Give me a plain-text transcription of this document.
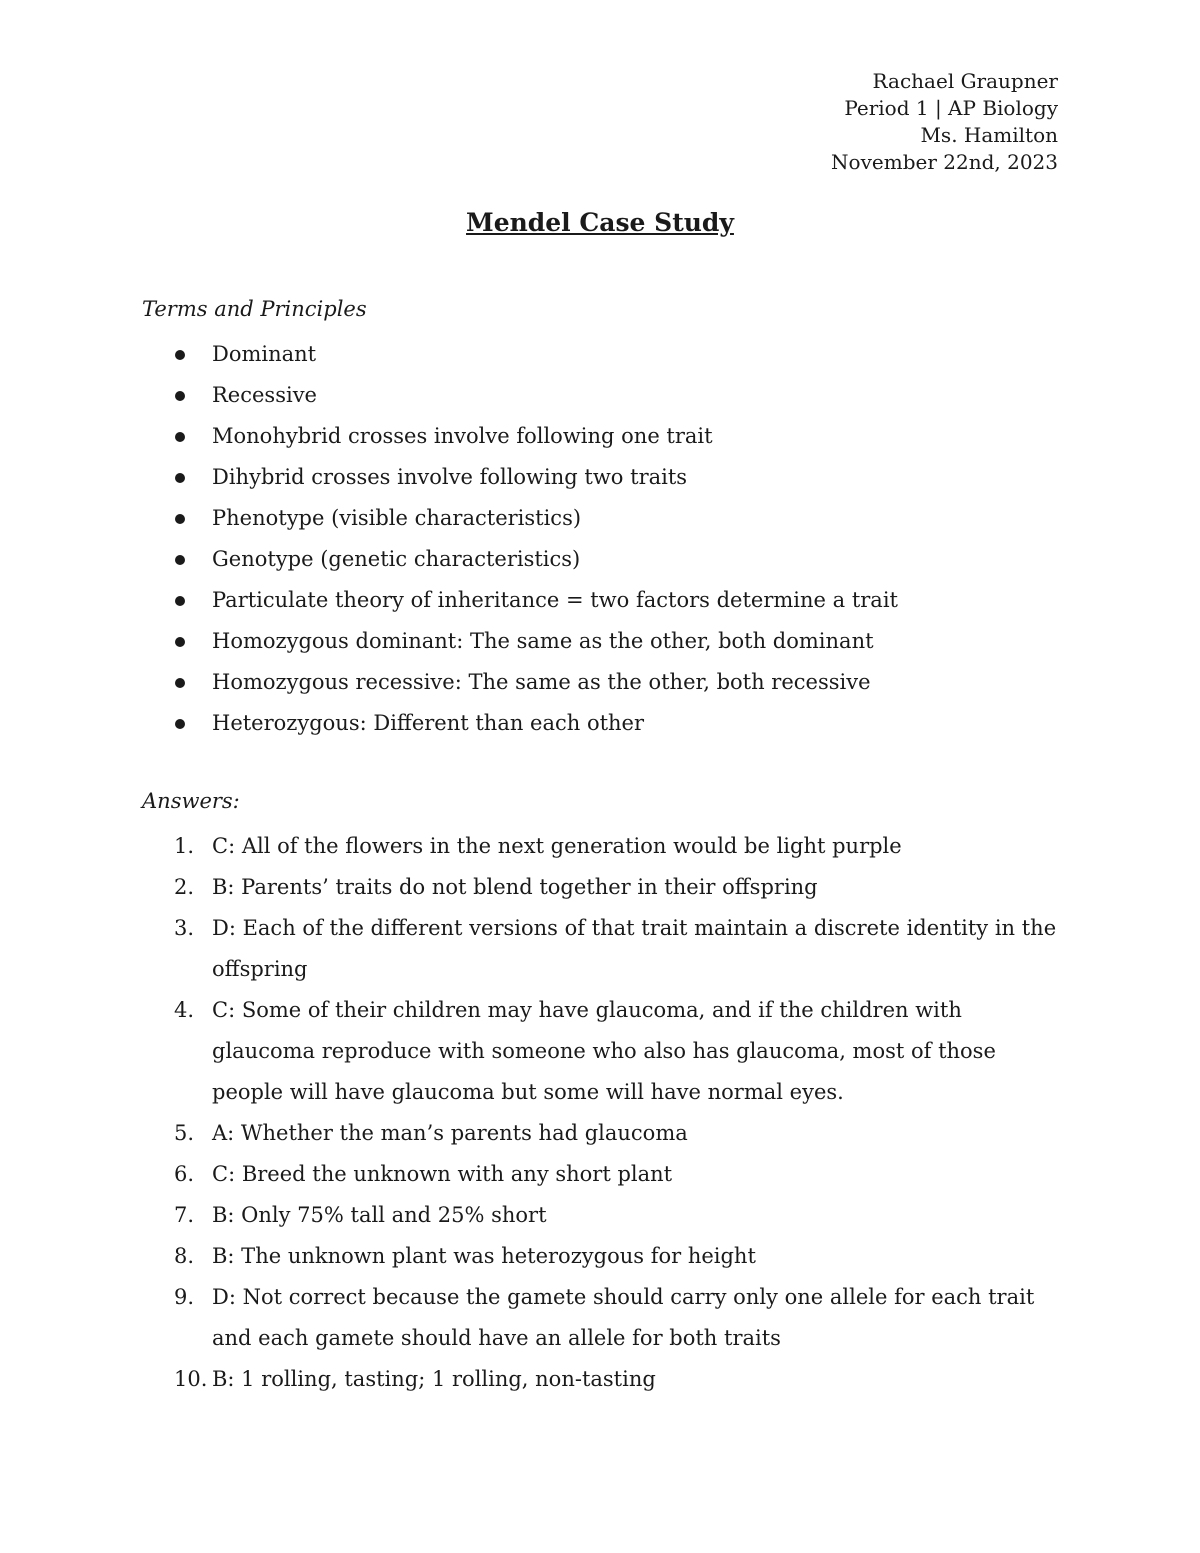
Rachael Graupner
Period 1 | AP Biology
Ms. Hamilton
November 22nd, 2023
Mendel Case Study
Terms and Principles
Dominant
Recessive
Monohybrid crosses involve following one trait
Dihybrid crosses involve following two traits
Phenotype (visible characteristics)
Genotype (genetic characteristics)
Particulate theory of inheritance = two factors determine a trait
Homozygous dominant: The same as the other, both dominant
Homozygous recessive: The same as the other, both recessive
Heterozygous: Different than each other
Answers:
1. C: All of the flowers in the next generation would be light purple
2. B: Parents’ traits do not blend together in their offspring
3. D: Each of the different versions of that trait maintain a discrete identity in the offspring
4. C: Some of their children may have glaucoma, and if the children with glaucoma reproduce with someone who also has glaucoma, most of those people will have glaucoma but some will have normal eyes.
5. A: Whether the man’s parents had glaucoma
6. C: Breed the unknown with any short plant
7. B: Only 75% tall and 25% short
8. B: The unknown plant was heterozygous for height
9. D: Not correct because the gamete should carry only one allele for each trait and each gamete should have an allele for both traits
10. B: 1 rolling, tasting; 1 rolling, non-tasting
